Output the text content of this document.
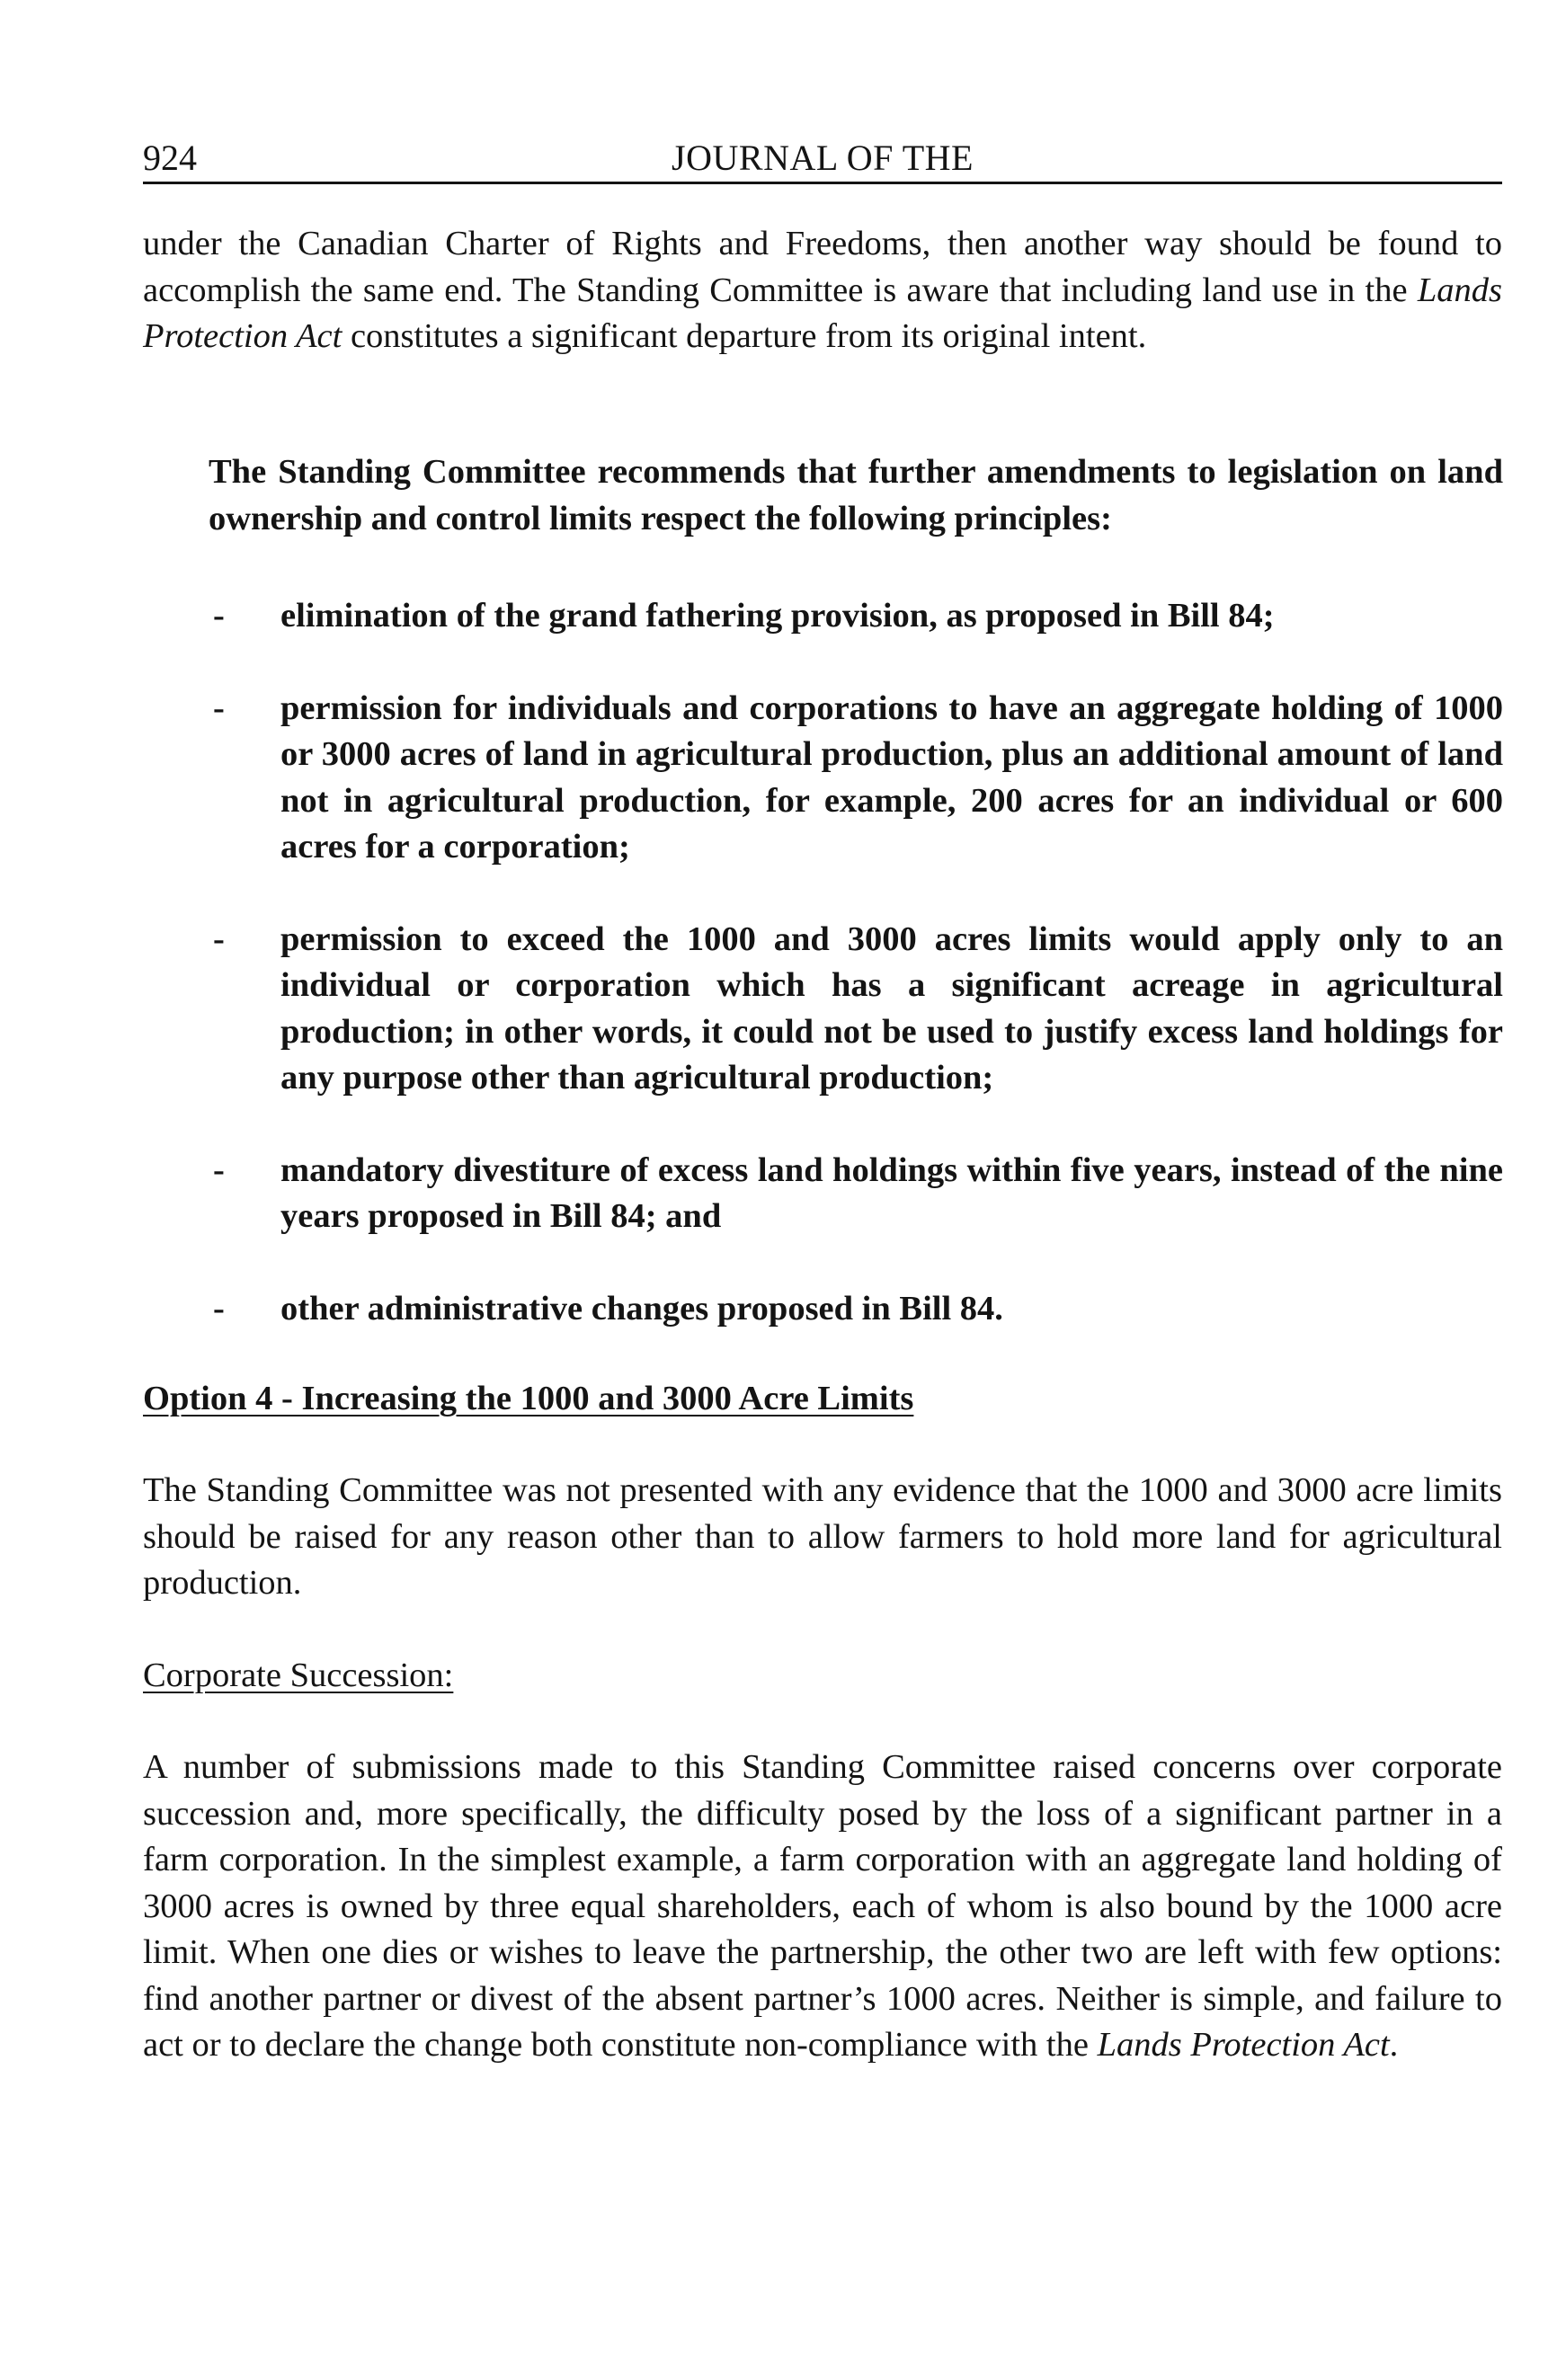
924	JOURNAL OF THE

under the Canadian Charter of Rights and Freedoms, then another way should be found to accomplish the same end. The Standing Committee is aware that including land use in the Lands Protection Act constitutes a significant departure from its original intent.

The Standing Committee recommends that further amendments to legislation on land ownership and control limits respect the following principles:

- elimination of the grand fathering provision, as proposed in Bill 84;
- permission for individuals and corporations to have an aggregate holding of 1000 or 3000 acres of land in agricultural production, plus an additional amount of land not in agricultural production, for example, 200 acres for an individual or 600 acres for a corporation;
- permission to exceed the 1000 and 3000 acres limits would apply only to an individual or corporation which has a significant acreage in agricultural production; in other words, it could not be used to justify excess land holdings for any purpose other than agricultural production;
- mandatory divestiture of excess land holdings within five years, instead of the nine years proposed in Bill 84; and
- other administrative changes proposed in Bill 84.
Option 4 - Increasing the 1000 and 3000 Acre Limits

The Standing Committee was not presented with any evidence that the 1000 and 3000 acre limits should be raised for any reason other than to allow farmers to hold more land for agricultural production.

Corporate Succession:

A number of submissions made to this Standing Committee raised concerns over corporate succession and, more specifically, the difficulty posed by the loss of a significant partner in a farm corporation. In the simplest example, a farm corporation with an aggregate land holding of 3000 acres is owned by three equal shareholders, each of whom is also bound by the 1000 acre limit. When one dies or wishes to leave the partnership, the other two are left with few options: find another partner or divest of the absent partner’s 1000 acres. Neither is simple, and failure to act or to declare the change both constitute non-compliance with the Lands Protection Act.
